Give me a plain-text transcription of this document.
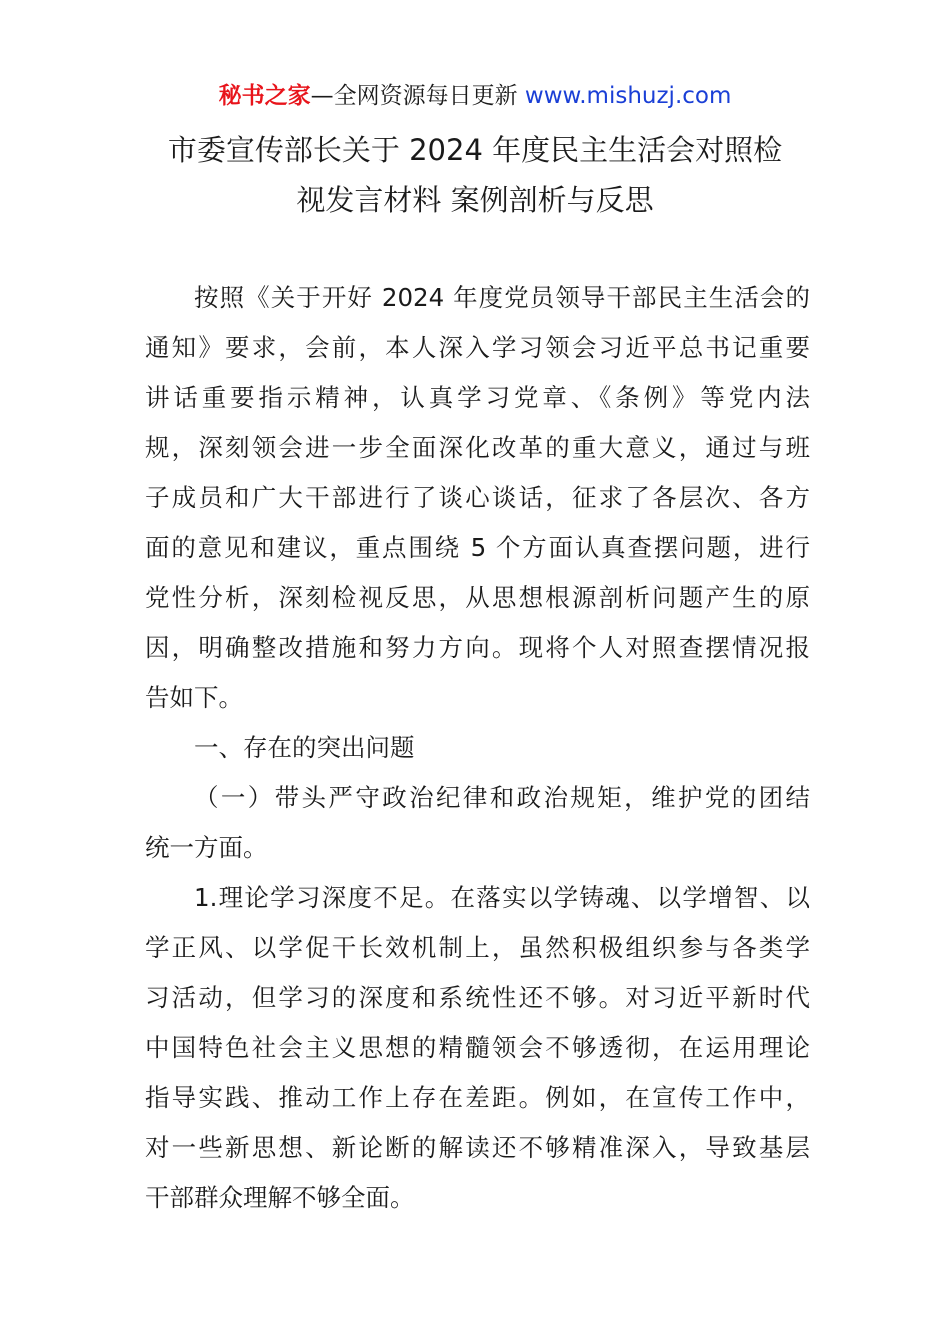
秘书之家—全网资源每日更新 www.mishuzj.com
市委宣传部长关于 2024 年度民主生活会对照检
视发言材料 案例剖析与反思
按照《关于开好 2024 年度党员领导干部民主生活会的
通知》要求，会前，本人深入学习领会习近平总书记重要
讲话重要指示精神，认真学习党章、《条例》等党内法
规，深刻领会进一步全面深化改革的重大意义，通过与班
子成员和广大干部进行了谈心谈话，征求了各层次、各方
面的意见和建议，重点围绕 5 个方面认真查摆问题，进行
党性分析，深刻检视反思，从思想根源剖析问题产生的原
因，明确整改措施和努力方向。现将个人对照查摆情况报
告如下。
一、存在的突出问题
（一）带头严守政治纪律和政治规矩，维护党的团结
统一方面。
1.理论学习深度不足。在落实以学铸魂、以学增智、以
学正风、以学促干长效机制上，虽然积极组织参与各类学
习活动，但学习的深度和系统性还不够。对习近平新时代
中国特色社会主义思想的精髓领会不够透彻，在运用理论
指导实践、推动工作上存在差距。例如，在宣传工作中，
对一些新思想、新论断的解读还不够精准深入，导致基层
干部群众理解不够全面。
